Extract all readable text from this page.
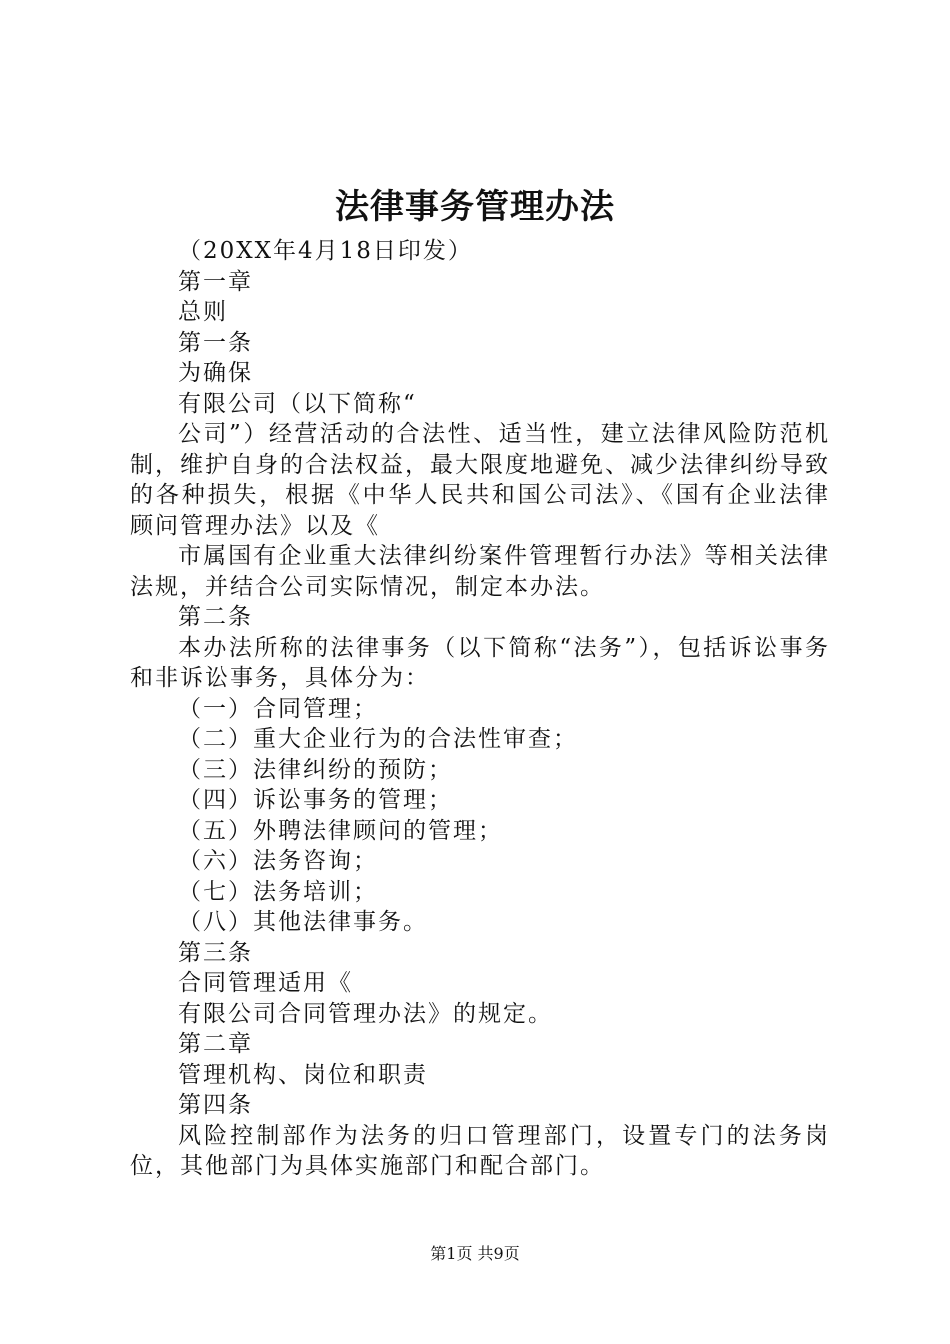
法律事务管理办法

（20XX年4月18日印发）

第一章

总则

第一条

为确保

有限公司（以下简称“

公司”）经营活动的合法性、适当性，建立法律风险防范机制，维护自身的合法权益，最大限度地避免、减少法律纠纷导致的各种损失，根据《中华人民共和国公司法》、《国有企业法律顾问管理办法》以及《

市属国有企业重大法律纠纷案件管理暂行办法》等相关法律法规，并结合公司实际情况，制定本办法。

第二条

本办法所称的法律事务（以下简称“法务”），包括诉讼事务和非诉讼事务，具体分为：

（一）合同管理；

（二）重大企业行为的合法性审查；

（三）法律纠纷的预防；

（四）诉讼事务的管理；

（五）外聘法律顾问的管理；

（六）法务咨询；

（七）法务培训；

（八）其他法律事务。

第三条

合同管理适用《

有限公司合同管理办法》的规定。

第二章

管理机构、岗位和职责

第四条

风险控制部作为法务的归口管理部门，设置专门的法务岗位，其他部门为具体实施部门和配合部门。

第1页 共9页
